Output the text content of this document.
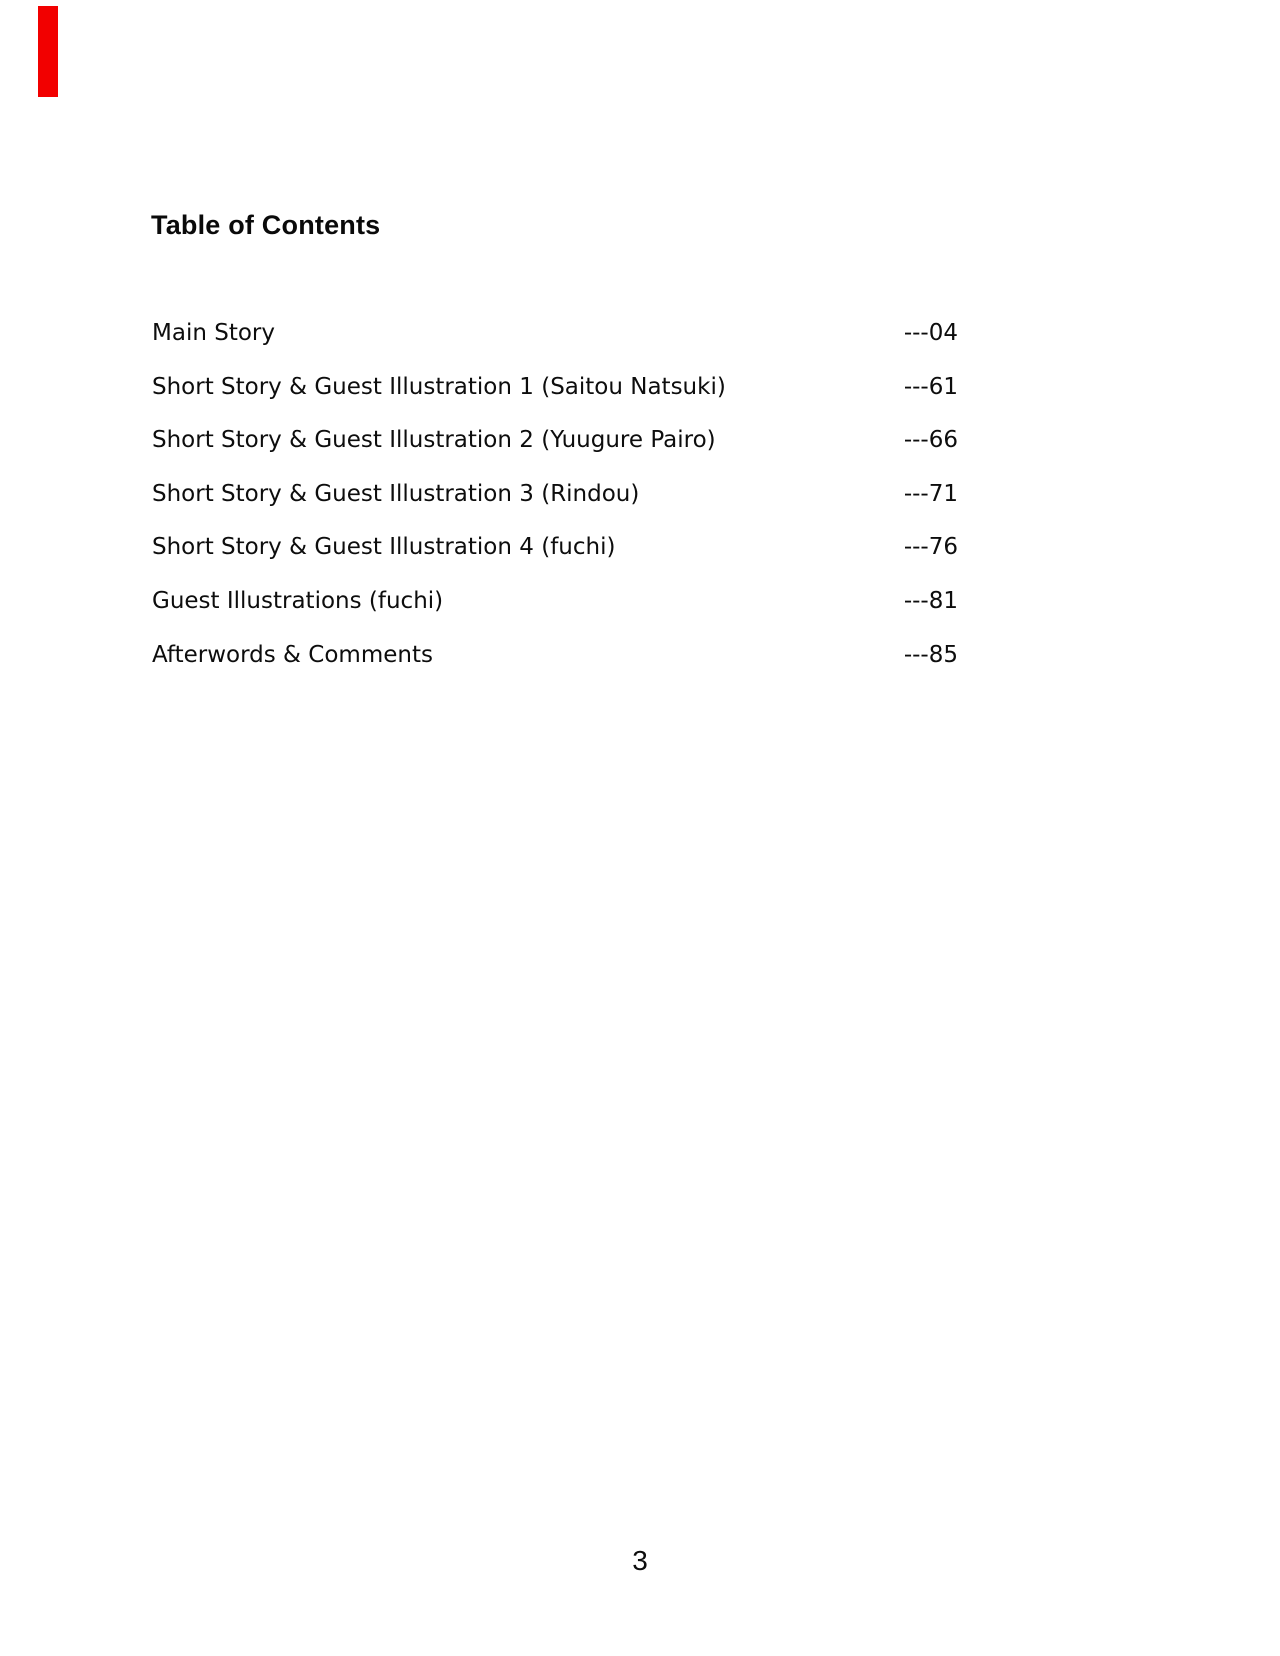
Table of Contents
Main Story	---04
Short Story & Guest Illustration 1 (Saitou Natsuki)	---61
Short Story & Guest Illustration 2 (Yuugure Pairo)	---66
Short Story & Guest Illustration 3 (Rindou)	---71
Short Story & Guest Illustration 4 (fuchi)	---76
Guest Illustrations (fuchi)	---81
Afterwords & Comments	---85
3
